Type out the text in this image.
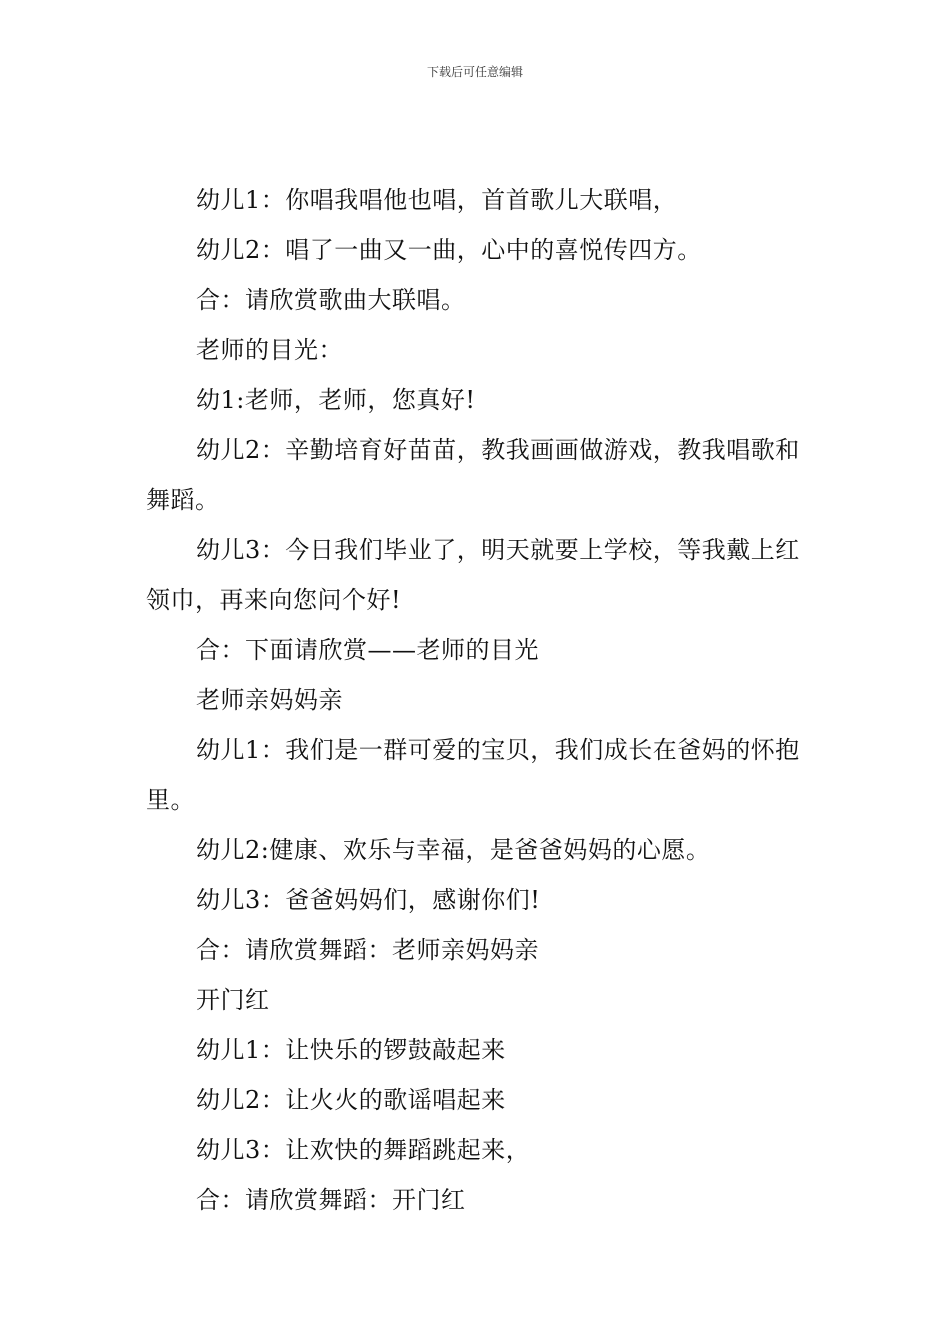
下载后可任意编辑

幼儿1：你唱我唱他也唱，首首歌儿大联唱，

幼儿2：唱了一曲又一曲，心中的喜悦传四方。

合：请欣赏歌曲大联唱。

老师的目光：

幼1:老师，老师，您真好!

幼儿2：辛勤培育好苗苗，教我画画做游戏，教我唱歌和舞蹈。

幼儿3：今日我们毕业了，明天就要上学校，等我戴上红领巾，再来向您问个好!

合：下面请欣赏——老师的目光

老师亲妈妈亲

幼儿1：我们是一群可爱的宝贝，我们成长在爸妈的怀抱里。

幼儿2:健康、欢乐与幸福，是爸爸妈妈的心愿。

幼儿3：爸爸妈妈们，感谢你们!

合：请欣赏舞蹈：老师亲妈妈亲

开门红

幼儿1：让快乐的锣鼓敲起来

幼儿2：让火火的歌谣唱起来

幼儿3：让欢快的舞蹈跳起来，

合：请欣赏舞蹈：开门红
